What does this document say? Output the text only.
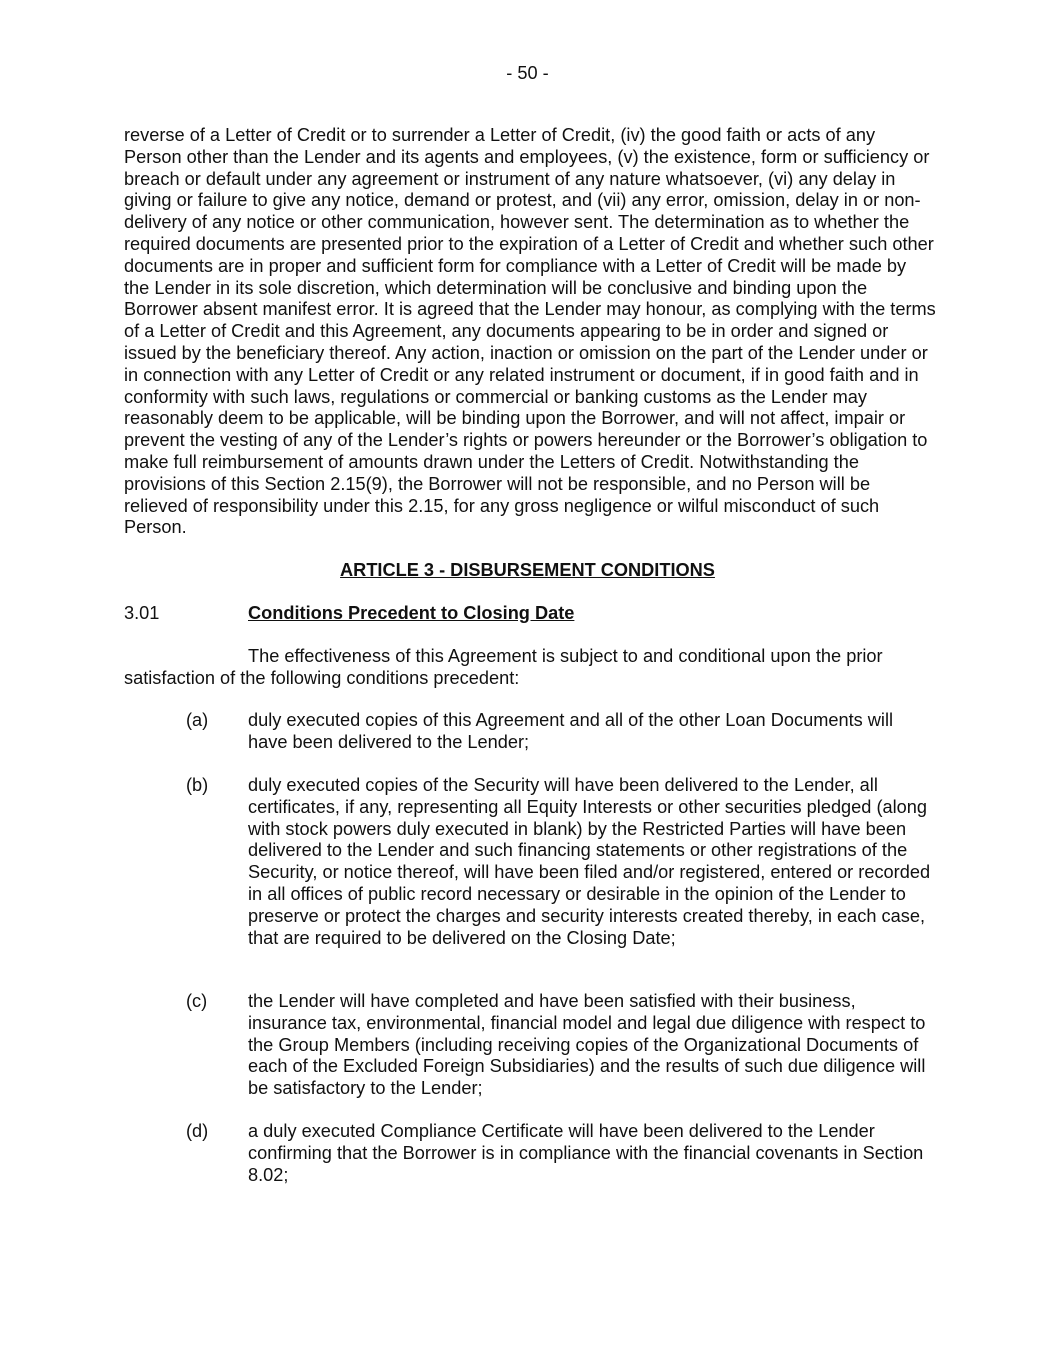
- 50 -

reverse of a Letter of Credit or to surrender a Letter of Credit, (iv) the good faith or acts of any Person other than the Lender and its agents and employees, (v) the existence, form or sufficiency or breach or default under any agreement or instrument of any nature whatsoever, (vi) any delay in giving or failure to give any notice, demand or protest, and (vii) any error, omission, delay in or non-delivery of any notice or other communication, however sent. The determination as to whether the required documents are presented prior to the expiration of a Letter of Credit and whether such other documents are in proper and sufficient form for compliance with a Letter of Credit will be made by the Lender in its sole discretion, which determination will be conclusive and binding upon the Borrower absent manifest error. It is agreed that the Lender may honour, as complying with the terms of a Letter of Credit and this Agreement, any documents appearing to be in order and signed or issued by the beneficiary thereof. Any action, inaction or omission on the part of the Lender under or in connection with any Letter of Credit or any related instrument or document, if in good faith and in conformity with such laws, regulations or commercial or banking customs as the Lender may reasonably deem to be applicable, will be binding upon the Borrower, and will not affect, impair or prevent the vesting of any of the Lender’s rights or powers hereunder or the Borrower’s obligation to make full reimbursement of amounts drawn under the Letters of Credit. Notwithstanding the provisions of this Section 2.15(9), the Borrower will not be responsible, and no Person will be relieved of responsibility under this 2.15, for any gross negligence or wilful misconduct of such Person.

ARTICLE 3 - DISBURSEMENT CONDITIONS
3.01	Conditions Precedent to Closing Date

The effectiveness of this Agreement is subject to and conditional upon the prior satisfaction of the following conditions precedent:

(a) duly executed copies of this Agreement and all of the other Loan Documents will have been delivered to the Lender;
(b) duly executed copies of the Security will have been delivered to the Lender, all certificates, if any, representing all Equity Interests or other securities pledged (along with stock powers duly executed in blank) by the Restricted Parties will have been delivered to the Lender and such financing statements or other registrations of the Security, or notice thereof, will have been filed and/or registered, entered or recorded in all offices of public record necessary or desirable in the opinion of the Lender to preserve or protect the charges and security interests created thereby, in each case, that are required to be delivered on the Closing Date;
(c) the Lender will have completed and have been satisfied with their business, insurance tax, environmental, financial model and legal due diligence with respect to the Group Members (including receiving copies of the Organizational Documents of each of the Excluded Foreign Subsidiaries) and the results of such due diligence will be satisfactory to the Lender;
(d) a duly executed Compliance Certificate will have been delivered to the Lender confirming that the Borrower is in compliance with the financial covenants in Section 8.02;
